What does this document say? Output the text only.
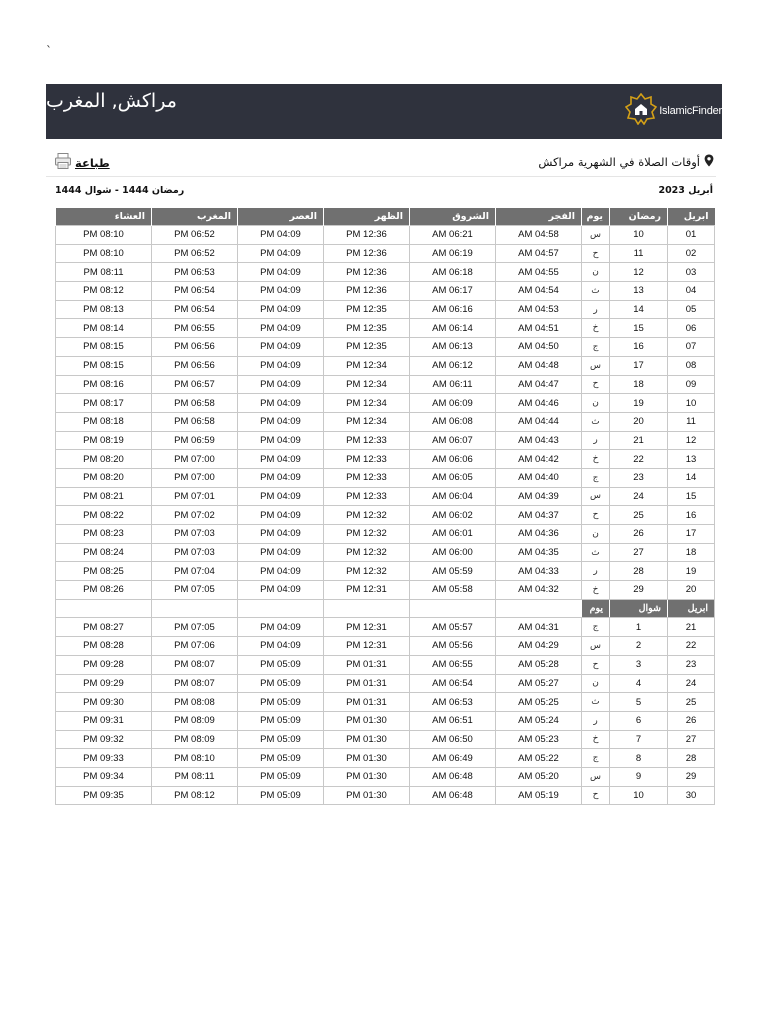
`
مراكش, المغرب	IslamicFinder
طباعة	أوقات الصلاة في الشهرية مراكش
رمضان 1444 - شوال 1444	أبريل 2023
ابريل	رمضان	يوم	الفجر	الشروق	الظهر	العصر	المغرب	العشاء
01	10	س	04:58 AM	06:21 AM	12:36 PM	04:09 PM	06:52 PM	08:10 PM
02	11	ح	04:57 AM	06:19 AM	12:36 PM	04:09 PM	06:52 PM	08:10 PM
03	12	ن	04:55 AM	06:18 AM	12:36 PM	04:09 PM	06:53 PM	08:11 PM
04	13	ث	04:54 AM	06:17 AM	12:36 PM	04:09 PM	06:54 PM	08:12 PM
05	14	ر	04:53 AM	06:16 AM	12:35 PM	04:09 PM	06:54 PM	08:13 PM
06	15	خ	04:51 AM	06:14 AM	12:35 PM	04:09 PM	06:55 PM	08:14 PM
07	16	ج	04:50 AM	06:13 AM	12:35 PM	04:09 PM	06:56 PM	08:15 PM
08	17	س	04:48 AM	06:12 AM	12:34 PM	04:09 PM	06:56 PM	08:15 PM
09	18	ح	04:47 AM	06:11 AM	12:34 PM	04:09 PM	06:57 PM	08:16 PM
10	19	ن	04:46 AM	06:09 AM	12:34 PM	04:09 PM	06:58 PM	08:17 PM
11	20	ث	04:44 AM	06:08 AM	12:34 PM	04:09 PM	06:58 PM	08:18 PM
12	21	ر	04:43 AM	06:07 AM	12:33 PM	04:09 PM	06:59 PM	08:19 PM
13	22	خ	04:42 AM	06:06 AM	12:33 PM	04:09 PM	07:00 PM	08:20 PM
14	23	ج	04:40 AM	06:05 AM	12:33 PM	04:09 PM	07:00 PM	08:20 PM
15	24	س	04:39 AM	06:04 AM	12:33 PM	04:09 PM	07:01 PM	08:21 PM
16	25	ح	04:37 AM	06:02 AM	12:32 PM	04:09 PM	07:02 PM	08:22 PM
17	26	ن	04:36 AM	06:01 AM	12:32 PM	04:09 PM	07:03 PM	08:23 PM
18	27	ث	04:35 AM	06:00 AM	12:32 PM	04:09 PM	07:03 PM	08:24 PM
19	28	ر	04:33 AM	05:59 AM	12:32 PM	04:09 PM	07:04 PM	08:25 PM
20	29	خ	04:32 AM	05:58 AM	12:31 PM	04:09 PM	07:05 PM	08:26 PM
ابريل	شوال	يوم						
21	1	ج	04:31 AM	05:57 AM	12:31 PM	04:09 PM	07:05 PM	08:27 PM
22	2	س	04:29 AM	05:56 AM	12:31 PM	04:09 PM	07:06 PM	08:28 PM
23	3	ح	05:28 AM	06:55 AM	01:31 PM	05:09 PM	08:07 PM	09:28 PM
24	4	ن	05:27 AM	06:54 AM	01:31 PM	05:09 PM	08:07 PM	09:29 PM
25	5	ث	05:25 AM	06:53 AM	01:31 PM	05:09 PM	08:08 PM	09:30 PM
26	6	ر	05:24 AM	06:51 AM	01:30 PM	05:09 PM	08:09 PM	09:31 PM
27	7	خ	05:23 AM	06:50 AM	01:30 PM	05:09 PM	08:09 PM	09:32 PM
28	8	ج	05:22 AM	06:49 AM	01:30 PM	05:09 PM	08:10 PM	09:33 PM
29	9	س	05:20 AM	06:48 AM	01:30 PM	05:09 PM	08:11 PM	09:34 PM
30	10	ح	05:19 AM	06:48 AM	01:30 PM	05:09 PM	08:12 PM	09:35 PM
